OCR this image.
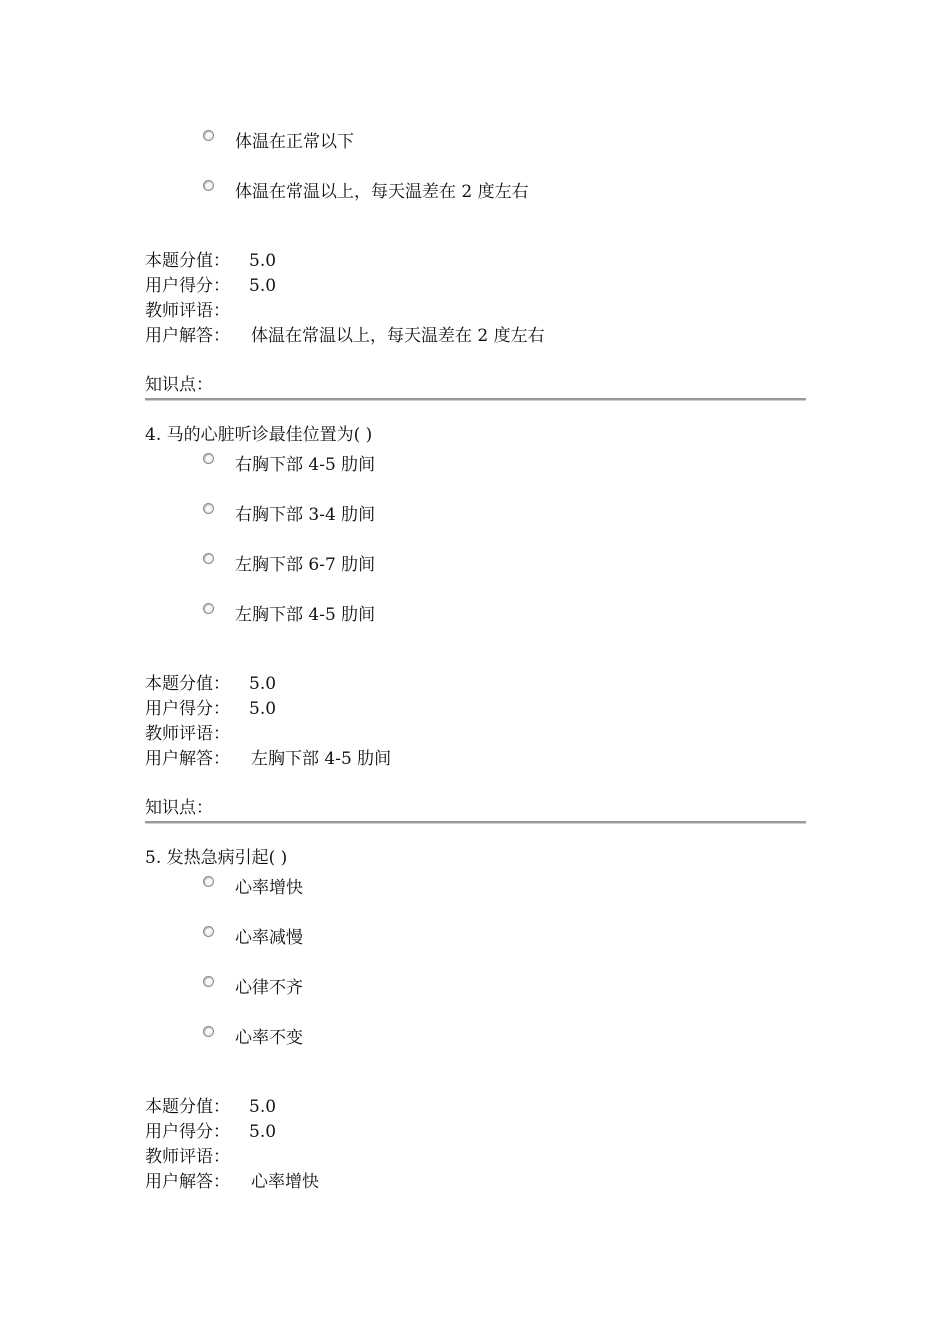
体温在正常以下
体温在常温以上，每天温差在 2 度左右
本题分值： 5.0
用户得分： 5.0
教师评语：
用户解答： 体温在常温以上，每天温差在 2 度左右
知识点：
4. 马的心脏听诊最佳位置为( )
右胸下部 4-5 肋间
右胸下部 3-4 肋间
左胸下部 6-7 肋间
左胸下部 4-5 肋间
本题分值： 5.0
用户得分： 5.0
教师评语：
用户解答： 左胸下部 4-5 肋间
知识点：
5. 发热急病引起( )
心率增快
心率减慢
心律不齐
心率不变
本题分值： 5.0
用户得分： 5.0
教师评语：
用户解答： 心率增快
